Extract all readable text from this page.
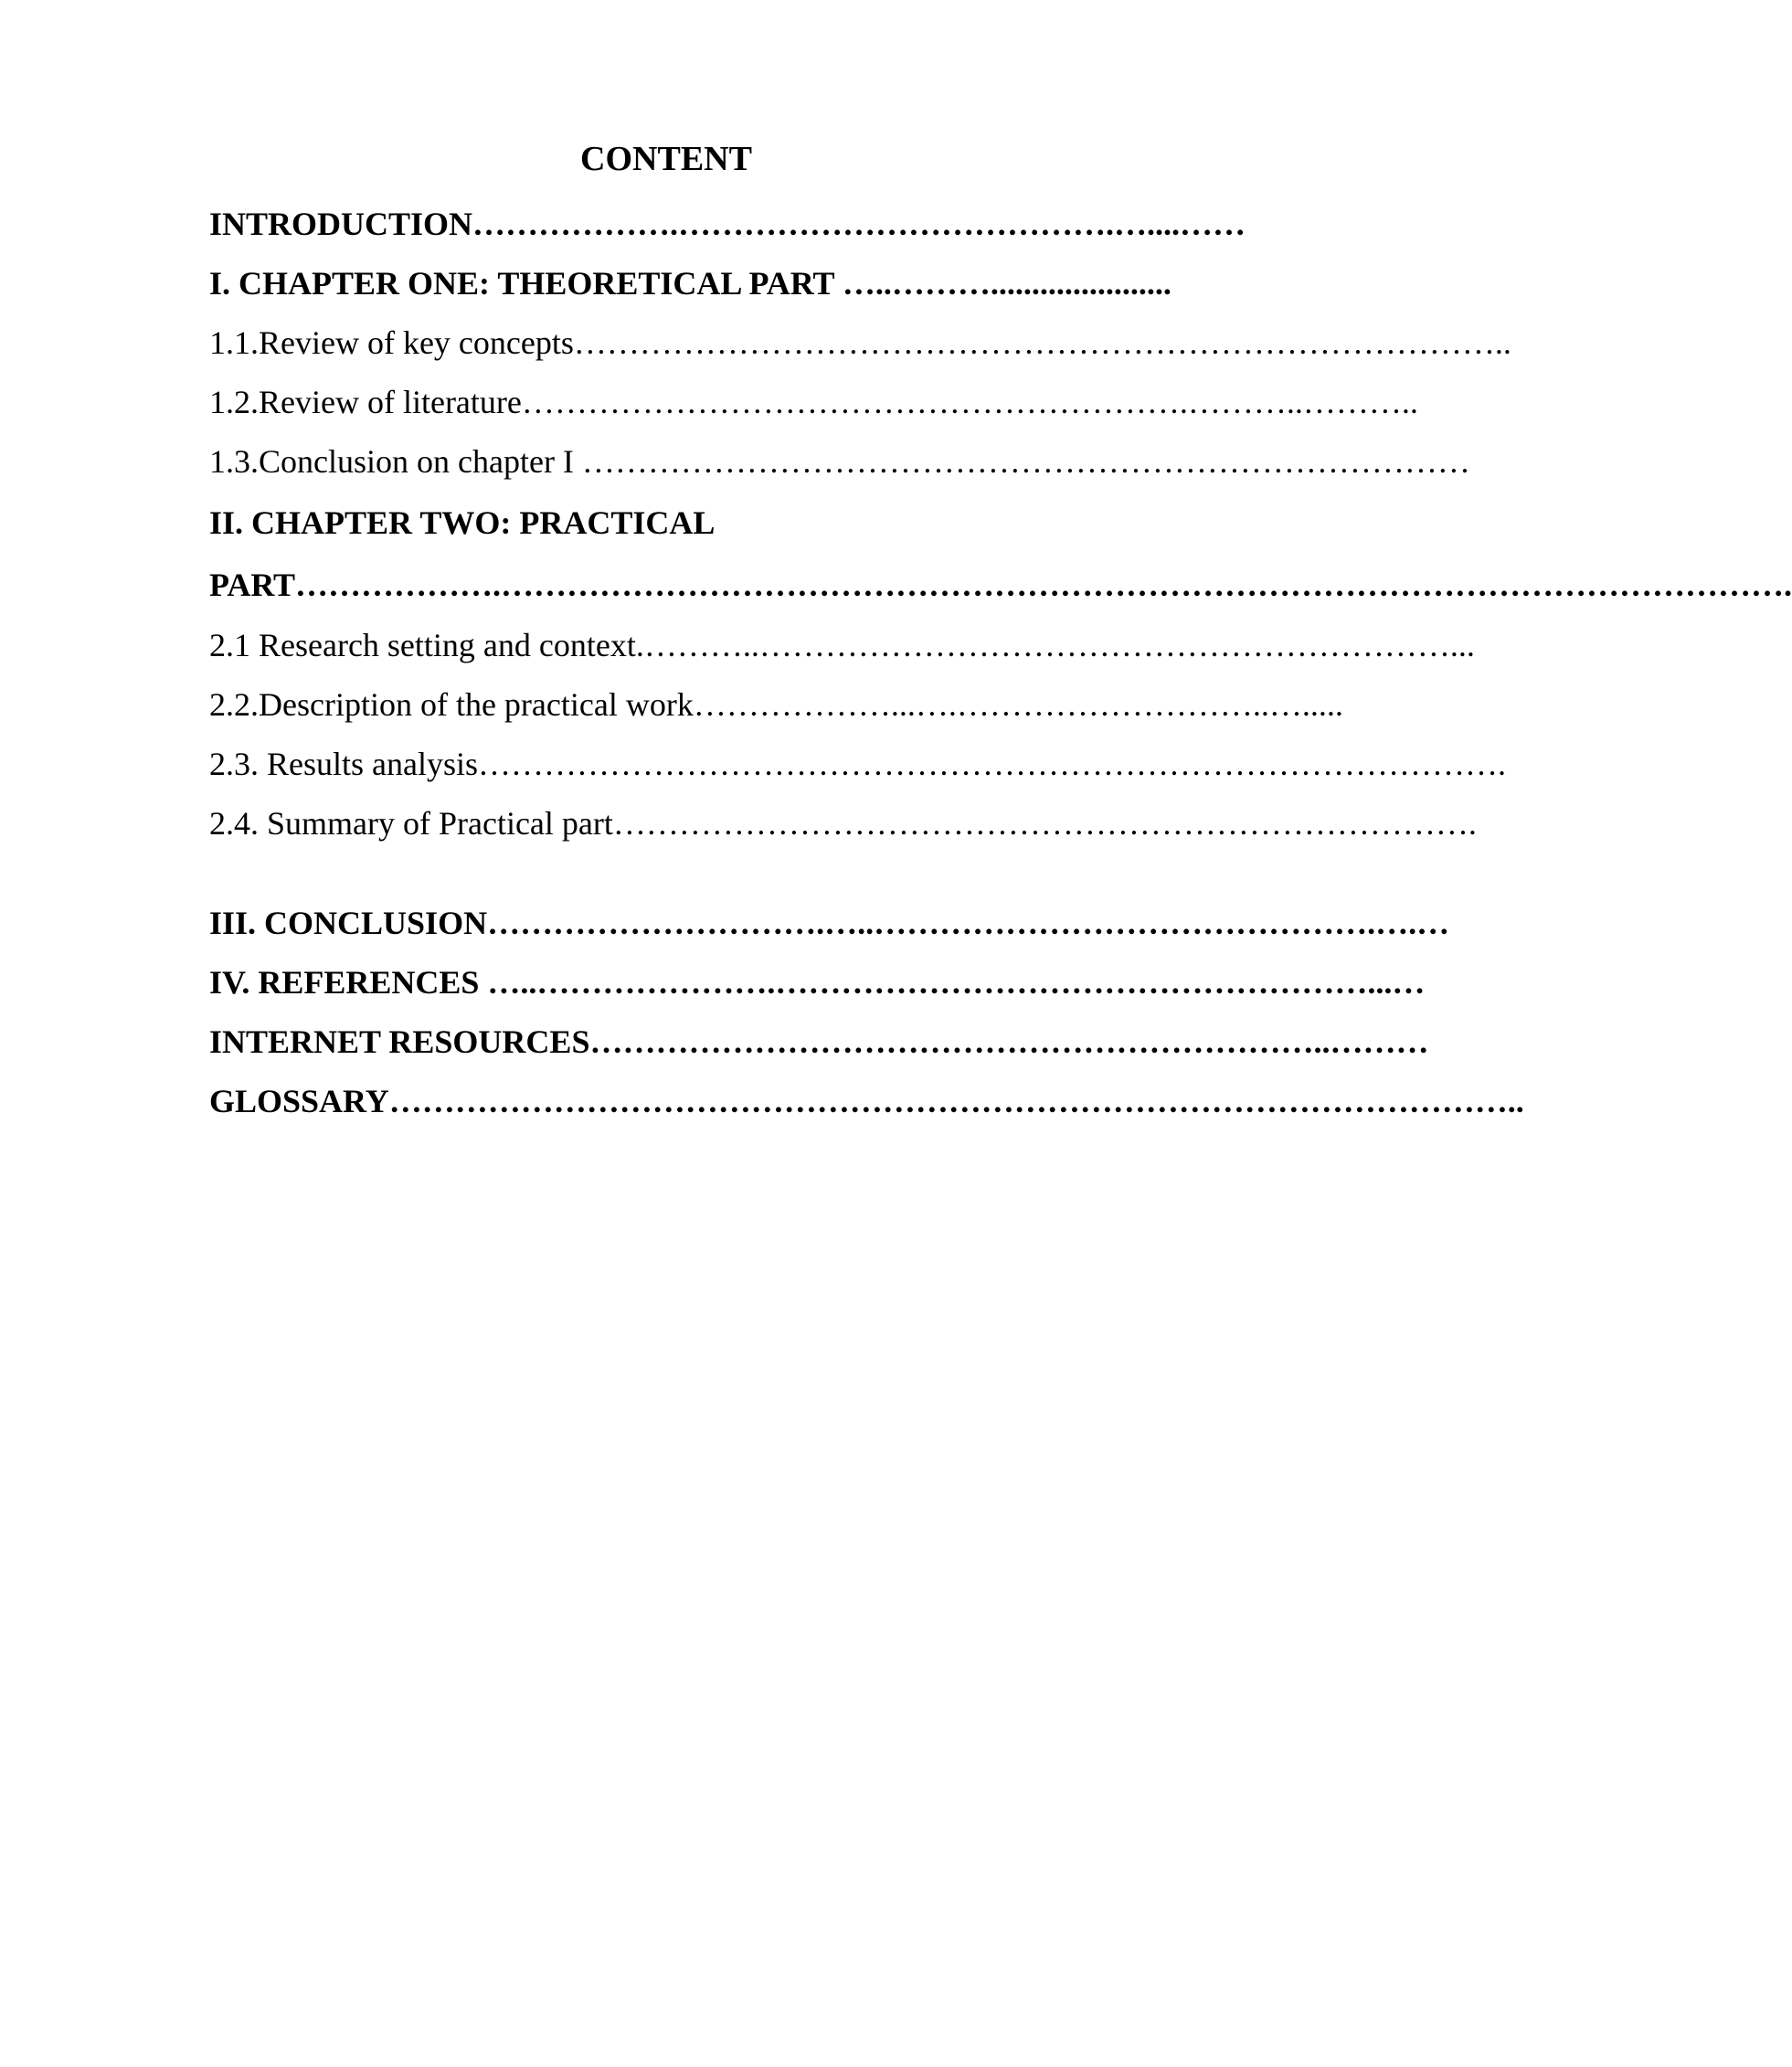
CONTENT
INTRODUCTION……………….………………………………….…....……
I. CHAPTER ONE: THEORETICAL PART …..………......................
1.1.Review of key concepts…………………………………………………………………………..
1.2.Review of literature…………………………………………………….………..………..
1.3.Conclusion on chapter I ………………………………………………………………………
II. CHAPTER TWO: PRACTICAL
PART……………….……………………………………………………………………………………………………….
2.1 Research setting and context.………..………………………………………………………...
2.2.Description of the practical work………………...….………………………..….....
2.3. Results analysis………………………………………………………………………………….
2.4. Summary of Practical part…………………………………………………………………….
III. CONCLUSION………………………….…..……………………………………….….…
IV. REFERENCES …..………………….………………………………………………...…
INTERNET RESOURCES…………………………………………………………..………
GLOSSARY…………………………………………………………………………………………..
